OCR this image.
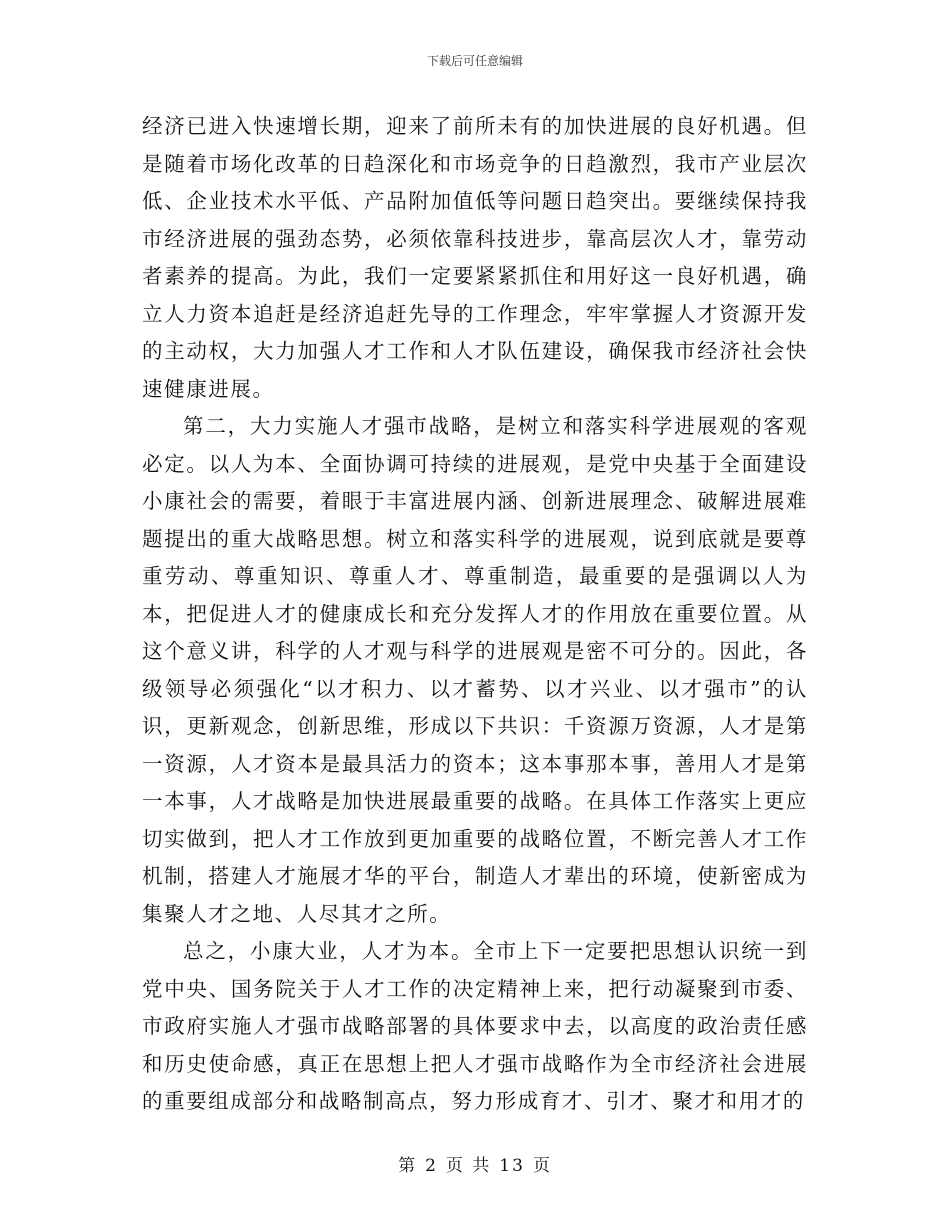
下载后可任意编辑

经济已进入快速增长期，迎来了前所未有的加快进展的良好机遇。但是随着市场化改革的日趋深化和市场竞争的日趋激烈，我市产业层次低、企业技术水平低、产品附加值低等问题日趋突出。要继续保持我市经济进展的强劲态势，必须依靠科技进步，靠高层次人才，靠劳动者素养的提高。为此，我们一定要紧紧抓住和用好这一良好机遇，确立人力资本追赶是经济追赶先导的工作理念，牢牢掌握人才资源开发的主动权，大力加强人才工作和人才队伍建设，确保我市经济社会快速健康进展。

第二，大力实施人才强市战略，是树立和落实科学进展观的客观必定。以人为本、全面协调可持续的进展观，是党中央基于全面建设小康社会的需要，着眼于丰富进展内涵、创新进展理念、破解进展难题提出的重大战略思想。树立和落实科学的进展观，说到底就是要尊重劳动、尊重知识、尊重人才、尊重制造，最重要的是强调以人为本，把促进人才的健康成长和充分发挥人才的作用放在重要位置。从这个意义讲，科学的人才观与科学的进展观是密不可分的。因此，各级领导必须强化“以才积力、以才蓄势、以才兴业、以才强市”的认识，更新观念，创新思维，形成以下共识：千资源万资源，人才是第一资源，人才资本是最具活力的资本；这本事那本事，善用人才是第一本事，人才战略是加快进展最重要的战略。在具体工作落实上更应切实做到，把人才工作放到更加重要的战略位置，不断完善人才工作机制，搭建人才施展才华的平台，制造人才辈出的环境，使新密成为集聚人才之地、人尽其才之所。

总之，小康大业，人才为本。全市上下一定要把思想认识统一到党中央、国务院关于人才工作的决定精神上来，把行动凝聚到市委、市政府实施人才强市战略部署的具体要求中去，以高度的政治责任感和历史使命感，真正在思想上把人才强市战略作为全市经济社会进展的重要组成部分和战略制高点，努力形成育才、引才、聚才和用才的

第 2 页 共 13 页
